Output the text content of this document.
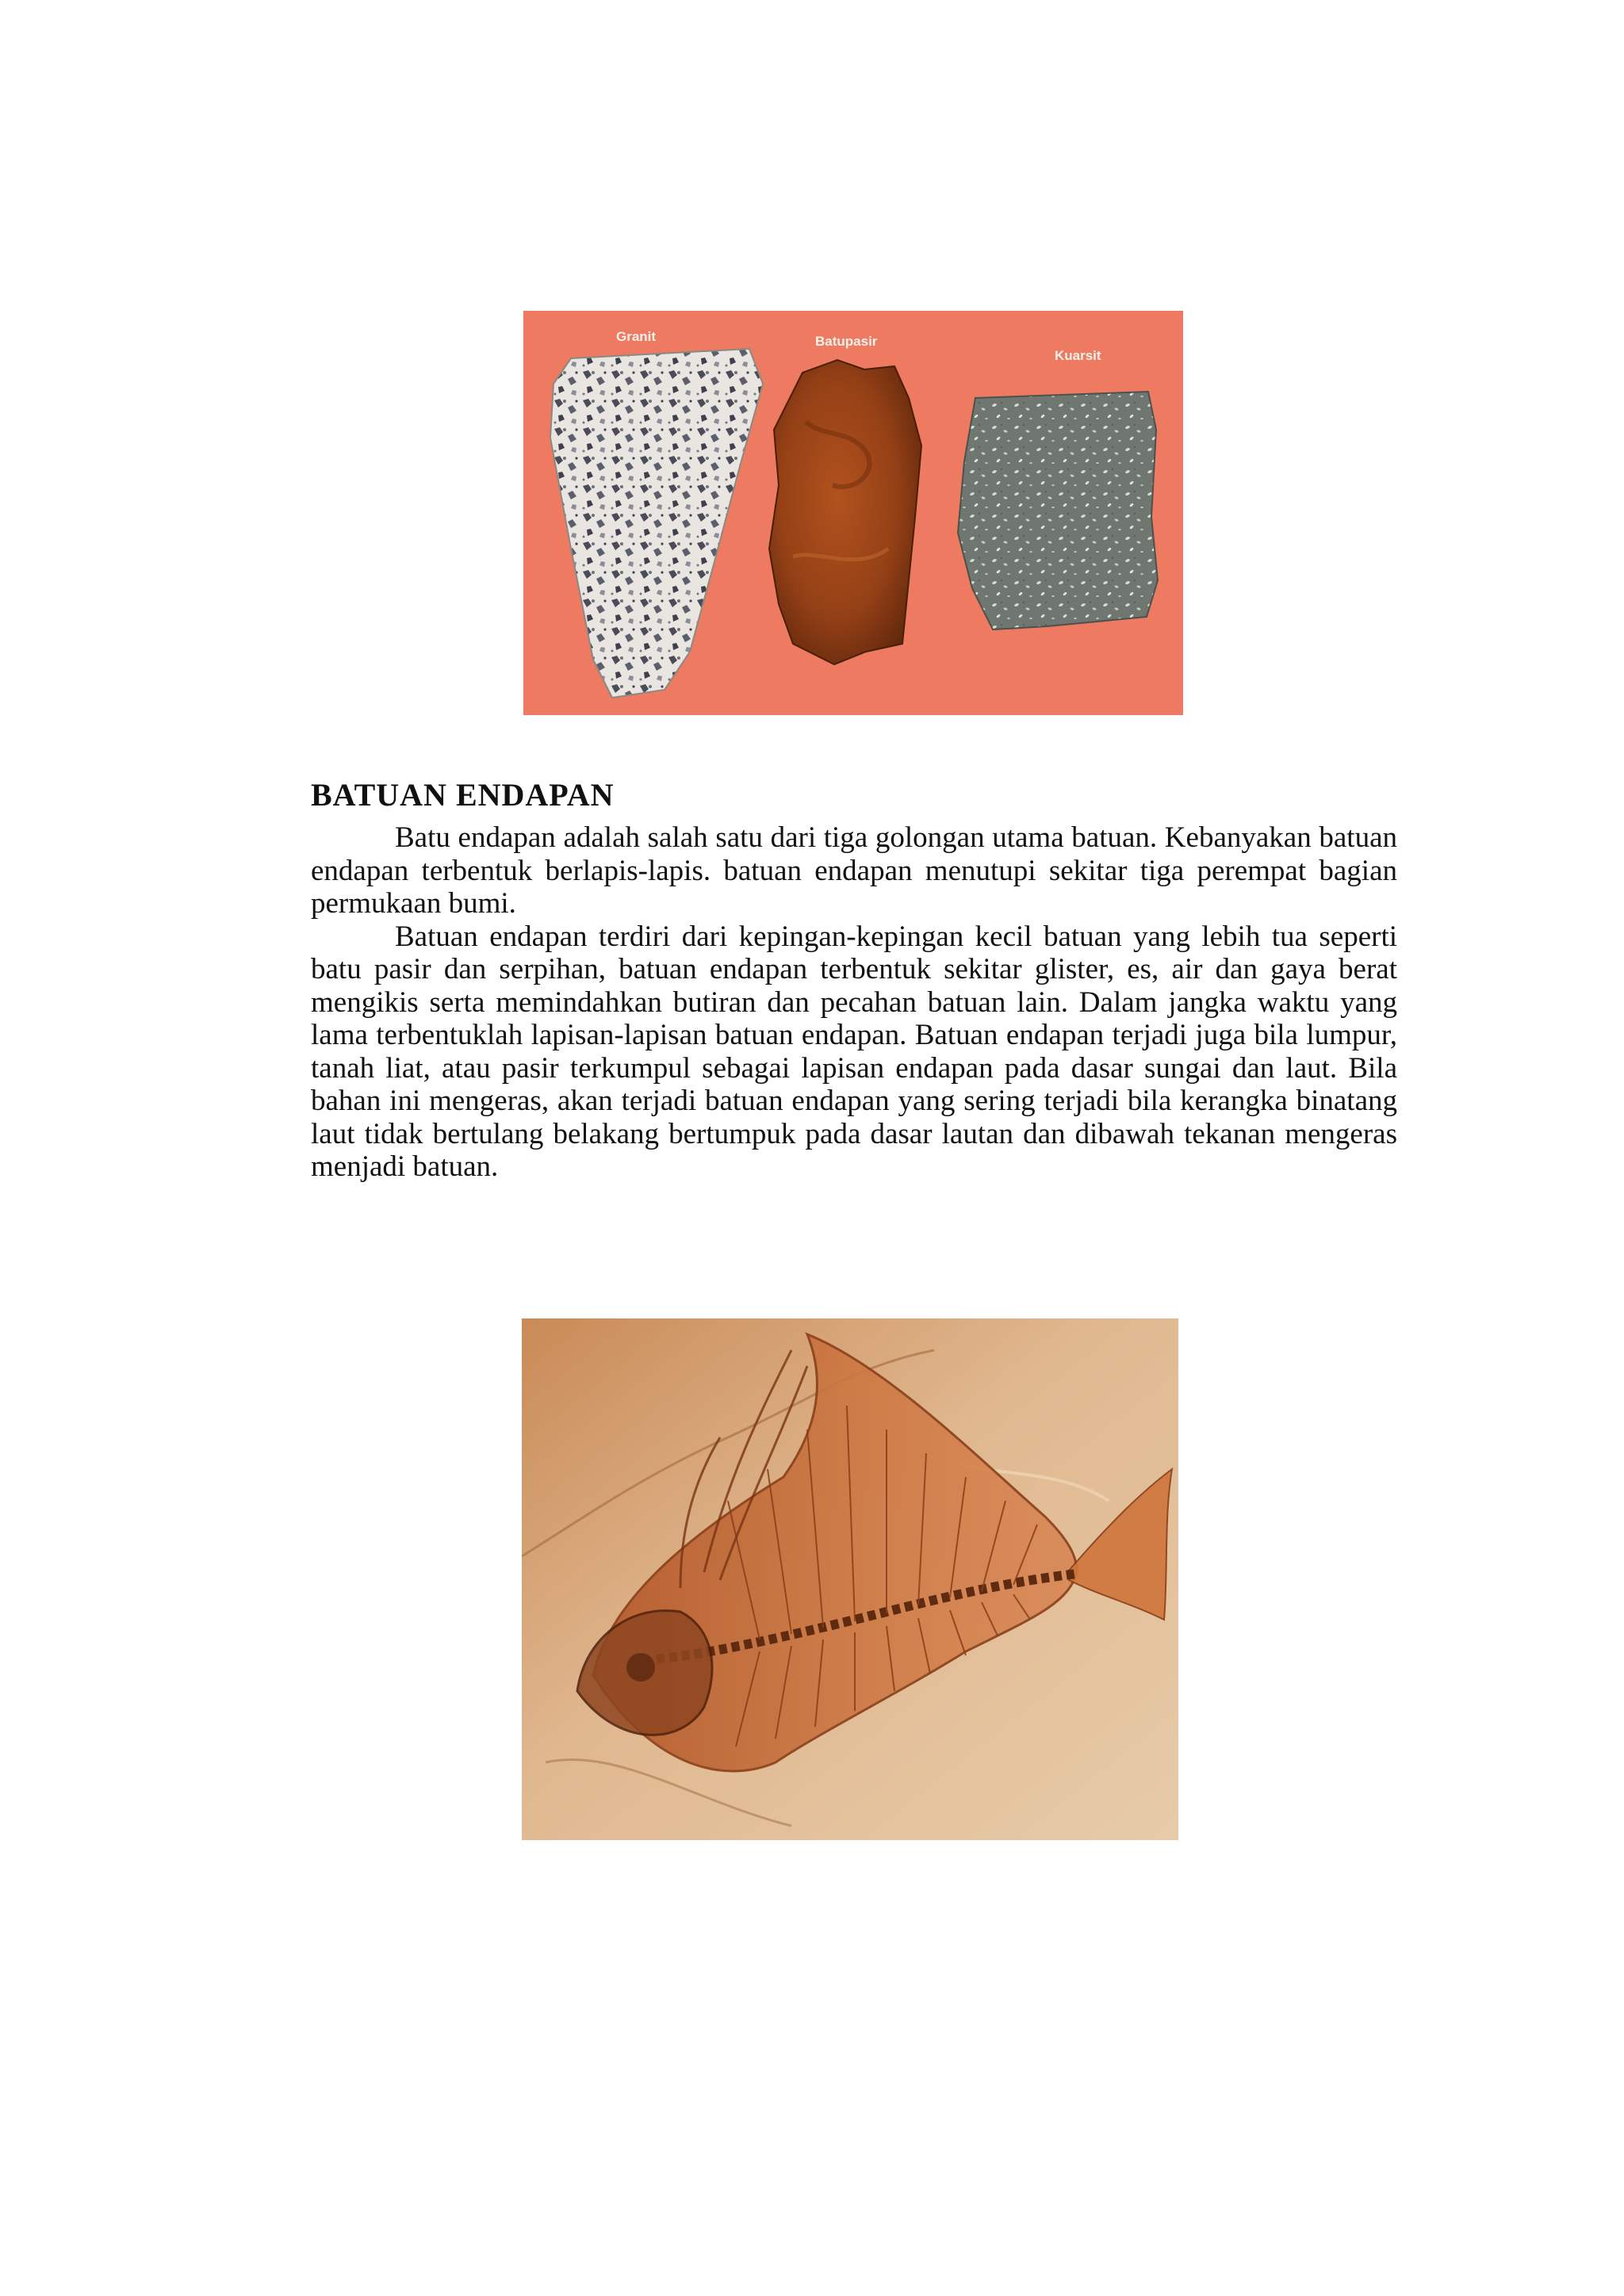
Granit	Batupasir
Kuarsit
BATUAN ENDAPAN

Batu endapan adalah salah satu dari tiga golongan utama batuan. Kebanyakan batuan endapan terbentuk berlapis-lapis. batuan endapan menutupi sekitar tiga perempat bagian permukaan bumi.

Batuan endapan terdiri dari kepingan-kepingan kecil batuan yang lebih tua seperti batu pasir dan serpihan, batuan endapan terbentuk sekitar glister, es, air dan gaya berat mengikis serta memindahkan butiran dan pecahan batuan lain. Dalam jangka waktu yang lama terbentuklah lapisan-lapisan batuan endapan. Batuan endapan terjadi juga bila lumpur, tanah liat, atau pasir terkumpul sebagai lapisan endapan pada dasar sungai dan laut. Bila bahan ini mengeras, akan terjadi batuan endapan yang sering terjadi bila kerangka binatang laut tidak bertulang belakang bertumpuk pada dasar lautan dan dibawah tekanan mengeras menjadi batuan.
